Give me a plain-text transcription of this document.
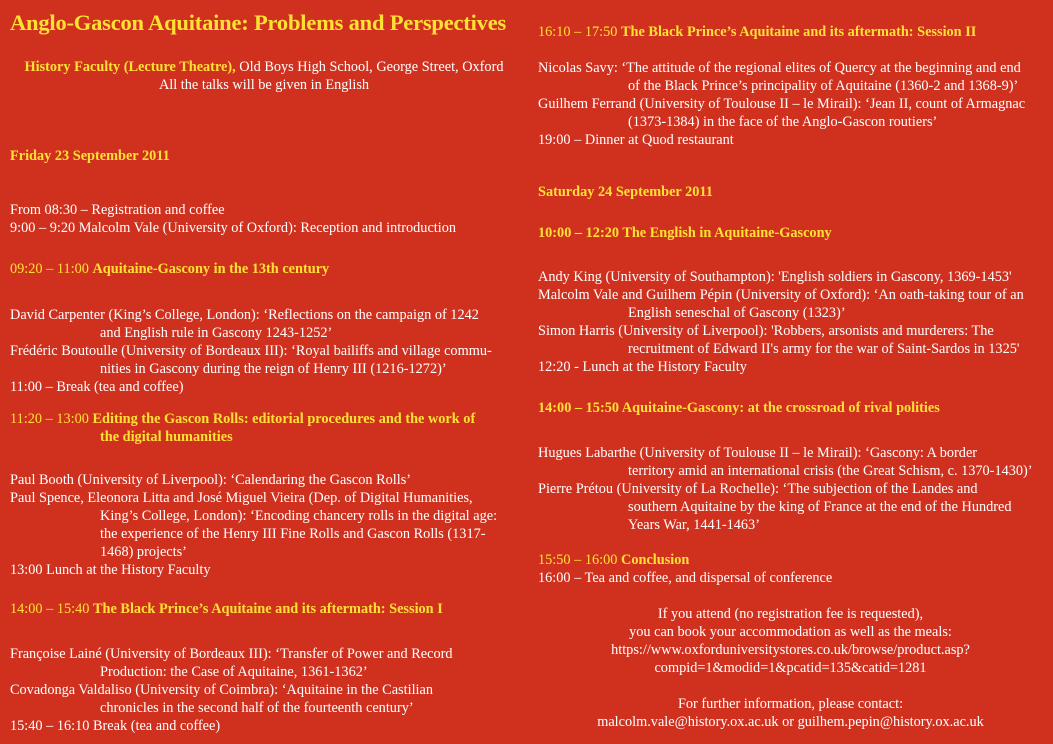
Anglo-Gascon Aquitaine: Problems and Perspectives
History Faculty (Lecture Theatre), Old Boys High School, George Street, Oxford
All the talks will be given in English
Friday 23 September 2011
From 08:30 – Registration and coffee
9:00 – 9:20 Malcolm Vale (University of Oxford): Reception and introduction
09:20 – 11:00 Aquitaine-Gascony in the 13th century
David Carpenter (King’s College, London): ‘Reflections on the campaign of 1242
and English rule in Gascony 1243-1252’
Frédéric Boutoulle (University of Bordeaux III): ‘Royal bailiffs and village commu-
nities in Gascony during the reign of Henry III (1216-1272)’
11:00 – Break (tea and coffee)
11:20 – 13:00 Editing the Gascon Rolls: editorial procedures and the work of
the digital humanities
Paul Booth (University of Liverpool): ‘Calendaring the Gascon Rolls’
Paul Spence, Eleonora Litta and José Miguel Vieira (Dep. of Digital Humanities,
King’s College, London): ‘Encoding chancery rolls in the digital age:
the experience of the Henry III Fine Rolls and Gascon Rolls (1317-
1468) projects’
13:00 Lunch at the History Faculty
14:00 – 15:40 The Black Prince’s Aquitaine and its aftermath: Session I
Françoise Lainé (University of Bordeaux III): ‘Transfer of Power and Record
Production: the Case of Aquitaine, 1361-1362’
Covadonga Valdaliso (University of Coimbra): ‘Aquitaine in the Castilian
chronicles in the second half of the fourteenth century’
15:40 – 16:10 Break (tea and coffee)
16:10 – 17:50 The Black Prince’s Aquitaine and its aftermath: Session II
Nicolas Savy: ‘The attitude of the regional elites of Quercy at the beginning and end
of the Black Prince’s principality of Aquitaine (1360-2 and 1368-9)’
Guilhem Ferrand (University of Toulouse II – le Mirail): ‘Jean II, count of Armagnac
(1373-1384) in the face of the Anglo-Gascon routiers’
19:00 – Dinner at Quod restaurant
Saturday 24 September 2011
10:00 – 12:20 The English in Aquitaine-Gascony
Andy King (University of Southampton): 'English soldiers in Gascony, 1369-1453'
Malcolm Vale and Guilhem Pépin (University of Oxford): ‘An oath-taking tour of an
English seneschal of Gascony (1323)’
Simon Harris (University of Liverpool): 'Robbers, arsonists and murderers: The
recruitment of Edward II's army for the war of Saint-Sardos in 1325'
12:20 - Lunch at the History Faculty
14:00 – 15:50 Aquitaine-Gascony: at the crossroad of rival polities
Hugues Labarthe (University of Toulouse II – le Mirail): ‘Gascony: A border
territory amid an international crisis (the Great Schism, c. 1370-1430)’
Pierre Prétou (University of La Rochelle): ‘The subjection of the Landes and
southern Aquitaine by the king of France at the end of the Hundred
Years War, 1441-1463’
15:50 – 16:00 Conclusion
16:00 – Tea and coffee, and dispersal of conference
If you attend (no registration fee is requested),
you can book your accommodation as well as the meals:
https://www.oxforduniversitystores.co.uk/browse/product.asp?
compid=1&modid=1&pcatid=135&catid=1281
For further information, please contact:
malcolm.vale@history.ox.ac.uk or guilhem.pepin@history.ox.ac.uk
